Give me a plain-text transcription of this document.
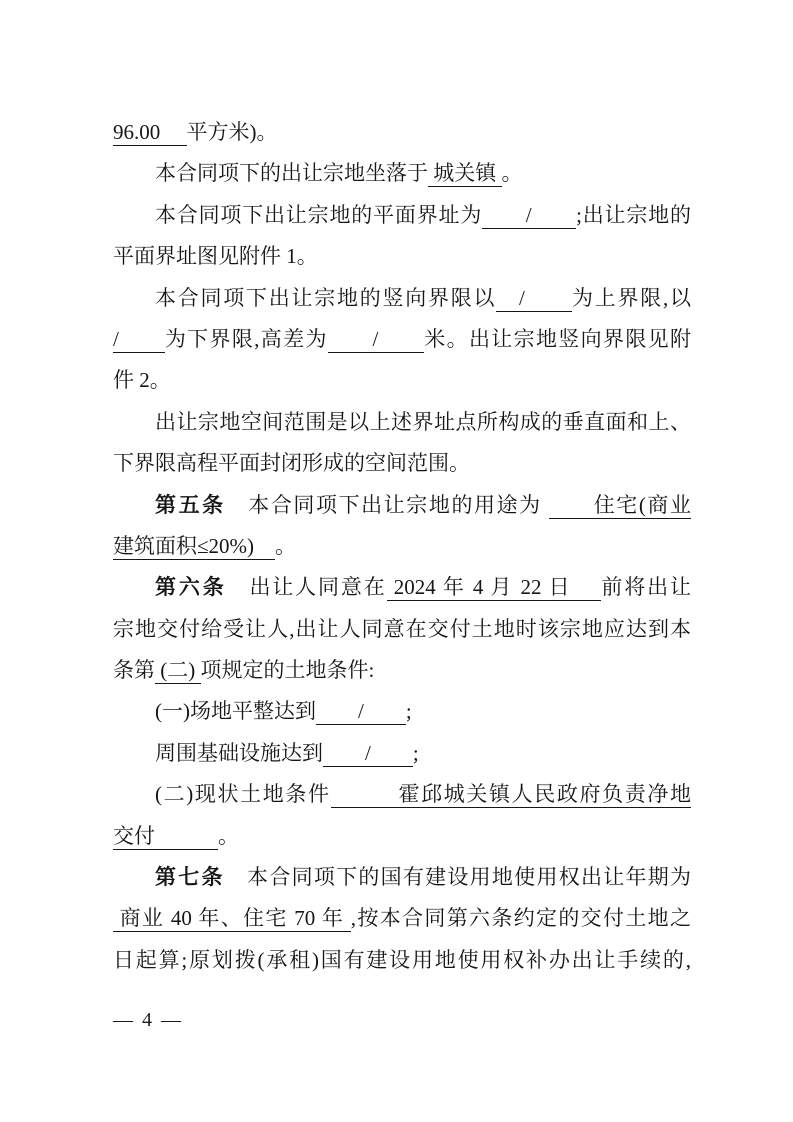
96.00　 平方米)。
本合同项下的出让宗地坐落于 城关镇 。
本合同项下出让宗地的平面界址为　　/　　;出让宗地的
平面界址图见附件 1。
本合同项下出让宗地的竖向界限以　/　　为上界限,以
/　　为下界限,高差为　　/　　米。出让宗地竖向界限见附
件 2。
出让宗地空间范围是以上述界址点所构成的垂直面和上、
下界限高程平面封闭形成的空间范围。
第五条　本合同项下出让宗地的用途为 　　住宅(商业
建筑面积≤20%)　。
第六条　出让人同意在 2024 年 4 月 22 日　 前将出让
宗地交付给受让人,出让人同意在交付土地时该宗地应达到本
条第 (二) 项规定的土地条件:
(一)场地平整达到　　/　　;
周围基础设施达到　　/　　;
(二)现状土地条件　　　霍邱城关镇人民政府负责净地
交付　　　。
第七条　本合同项下的国有建设用地使用权出让年期为
商业 40 年、住宅 70 年 ,按本合同第六条约定的交付土地之
日起算;原划拨(承租)国有建设用地使用权补办出让手续的,
— 4 —
